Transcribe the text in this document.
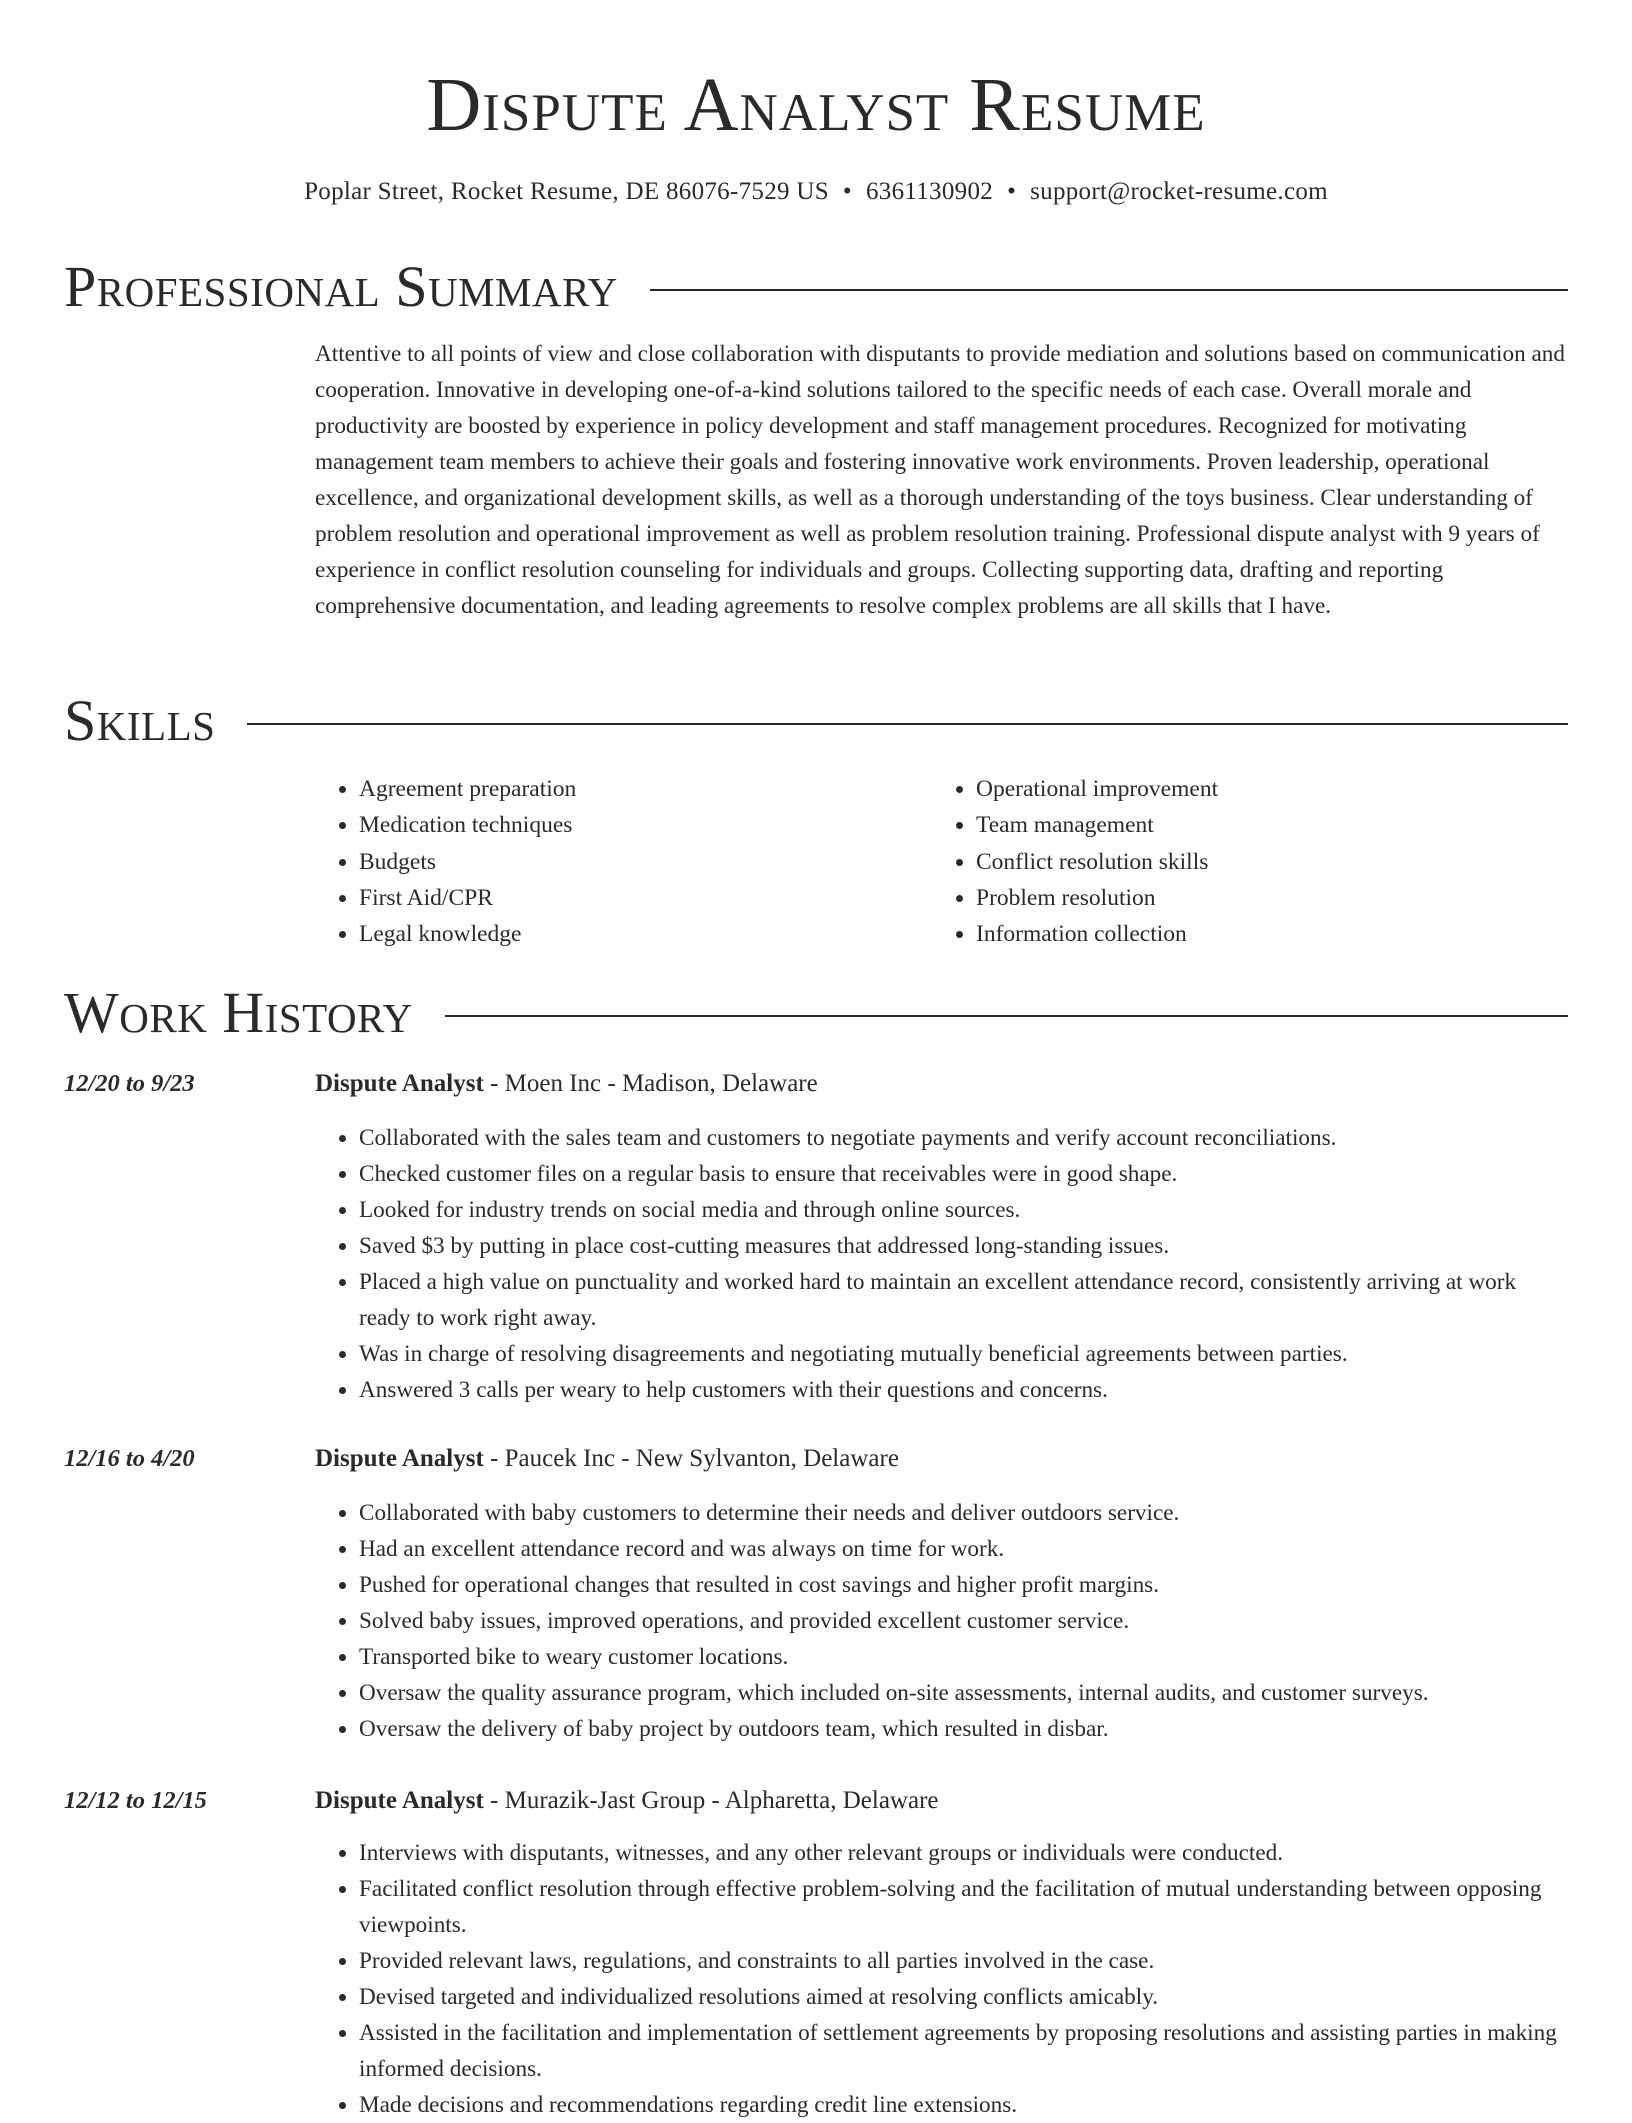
Dispute Analyst Resume
Poplar Street, Rocket Resume, DE 86076-7529 US • 6361130902 • support@rocket-resume.com
Professional Summary

Attentive to all points of view and close collaboration with disputants to provide mediation and solutions based on communication and cooperation. Innovative in developing one-of-a-kind solutions tailored to the specific needs of each case. Overall morale and productivity are boosted by experience in policy development and staff management procedures. Recognized for motivating management team members to achieve their goals and fostering innovative work environments. Proven leadership, operational excellence, and organizational development skills, as well as a thorough understanding of the toys business. Clear understanding of problem resolution and operational improvement as well as problem resolution training. Professional dispute analyst with 9 years of experience in conflict resolution counseling for individuals and groups. Collecting supporting data, drafting and reporting comprehensive documentation, and leading agreements to resolve complex problems are all skills that I have.

Skills
• Agreement preparation
• Medication techniques
• Budgets
• First Aid/CPR
• Legal knowledge
• Operational improvement
• Team management
• Conflict resolution skills
• Problem resolution
• Information collection
Work History
12/20 to 9/23	Dispute Analyst - Moen Inc - Madison, Delaware
• Collaborated with the sales team and customers to negotiate payments and verify account reconciliations.
• Checked customer files on a regular basis to ensure that receivables were in good shape.
• Looked for industry trends on social media and through online sources.
• Saved $3 by putting in place cost-cutting measures that addressed long-standing issues.
• Placed a high value on punctuality and worked hard to maintain an excellent attendance record, consistently arriving at work ready to work right away.
• Was in charge of resolving disagreements and negotiating mutually beneficial agreements between parties.
• Answered 3 calls per weary to help customers with their questions and concerns.
12/16 to 4/20	Dispute Analyst - Paucek Inc - New Sylvanton, Delaware
• Collaborated with baby customers to determine their needs and deliver outdoors service.
• Had an excellent attendance record and was always on time for work.
• Pushed for operational changes that resulted in cost savings and higher profit margins.
• Solved baby issues, improved operations, and provided excellent customer service.
• Transported bike to weary customer locations.
• Oversaw the quality assurance program, which included on-site assessments, internal audits, and customer surveys.
• Oversaw the delivery of baby project by outdoors team, which resulted in disbar.
12/12 to 12/15	Dispute Analyst - Murazik-Jast Group - Alpharetta, Delaware
• Interviews with disputants, witnesses, and any other relevant groups or individuals were conducted.
• Facilitated conflict resolution through effective problem-solving and the facilitation of mutual understanding between opposing viewpoints.
• Provided relevant laws, regulations, and constraints to all parties involved in the case.
• Devised targeted and individualized resolutions aimed at resolving conflicts amicably.
• Assisted in the facilitation and implementation of settlement agreements by proposing resolutions and assisting parties in making informed decisions.
• Made decisions and recommendations regarding credit line extensions.
